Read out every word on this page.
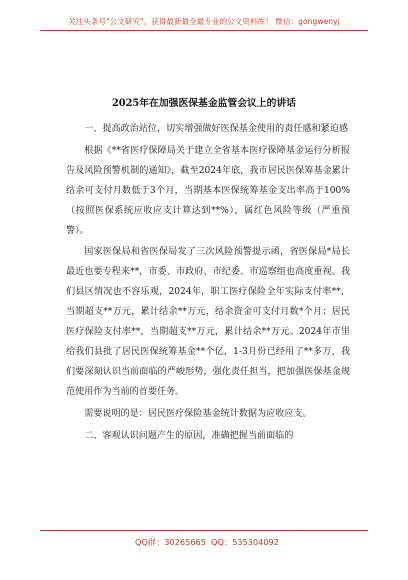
关注头条号"公文研究"，获得最新最全最专业的公文资料库！ 微信：gongwenyj
2025年在加强医保基金监管会议上的讲话

一、提高政治站位，切实增强做好医保基金使用的责任感和紧迫感

根据《**省医疗保障局关于建立全省基本医疗保障基金运行分析报告及风险预警机制的通知》，截至2024年底，我市居民医保筹基金累计结余可支付月数低于3个月，当期基本医保统筹基金支出率高于100%（按照医保系统应收应支计算达到**%），属红色风险等级（严重预警）。

国家医保局和省医保局发了三次风险预警提示函，省医保局*局长最近也要专程来**，市委、市政府、市纪委、市巡察组也高度重视。我们县区情况也不容乐观，2024年，职工医疗保险全年实际支付率**，当期超支**万元，累计结余**万元，结余资金可支付月数*个月；居民医疗保险支付率**，当期超支**万元，累计结余**万元。2024年市里给我们县批了居民医保统筹基金**个亿，1-3月份已经用了**多万，我们要深刻认识当前面临的严峻形势，强化责任担当，把加强医保基金规范使用作为当前的首要任务。

需要说明的是：居民医疗保险基金统计数据为应收应支。

二、客观认识问题产生的原因，准确把握当前面临的

QQ群：30265665 QQ：535304092
